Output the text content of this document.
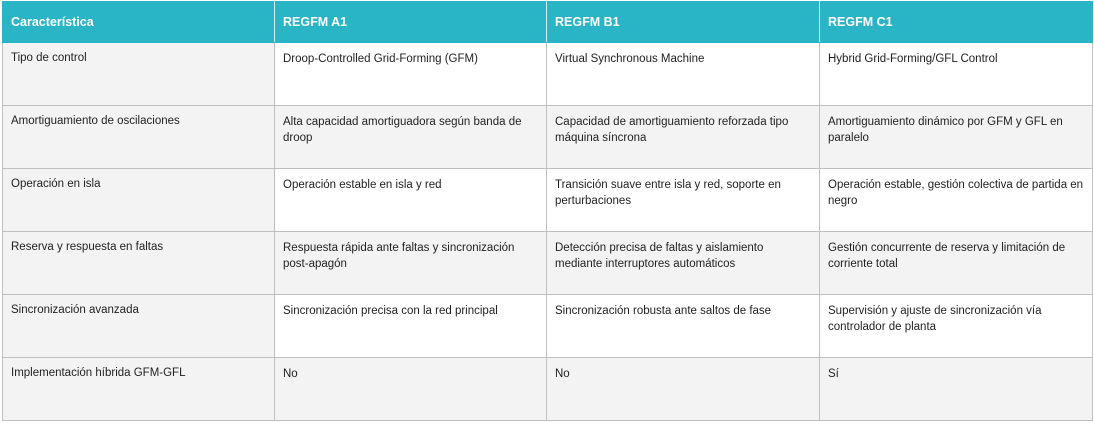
Característica	REGFM A1	REGFM B1	REGFM C1
Tipo de control	Droop-Controlled Grid-Forming (GFM)	Virtual Synchronous Machine	Hybrid Grid-Forming/GFL Control
Amortiguamiento de oscilaciones	Alta capacidad amortiguadora según banda de droop	Capacidad de amortiguamiento reforzada tipo máquina síncrona	Amortiguamiento dinámico por GFM y GFL en paralelo
Operación en isla	Operación estable en isla y red	Transición suave entre isla y red, soporte en perturbaciones	Operación estable, gestión colectiva de partida en negro
Reserva y respuesta en faltas	Respuesta rápida ante faltas y sincronización post-apagón	Detección precisa de faltas y aislamiento mediante interruptores automáticos	Gestión concurrente de reserva y limitación de corriente total
Sincronización avanzada	Sincronización precisa con la red principal	Sincronización robusta ante saltos de fase	Supervisión y ajuste de sincronización vía controlador de planta
Implementación híbrida GFM-GFL	No	No	Sí
